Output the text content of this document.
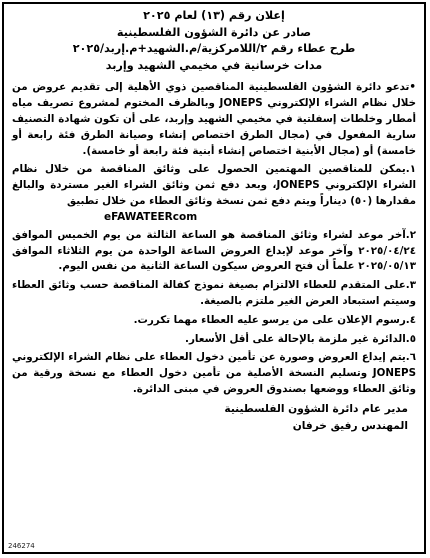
إعلان رقم (١٣) لعام ٢٠٢٥
صادر عن دائرة الشؤون الفلسطينية
طرح عطاء رقم ٢/اللامركزية/م.الشهيد+م.إربد/٢٠٢٥
مدات خرسانية في مخيمي الشهيد وإربد

•تدعو دائرة الشؤون الفلسطينية المناقصين ذوي الأهلية إلى تقديم عروض من خلال نظام الشراء الإلكتروني JONEPS وبالظرف المختوم لمشروع تصريف مياه أمطار وخلطات إسفلتية في مخيمي الشهيد وإربد، على أن تكون شهادة التصنيف سارية المفعول في (مجال الطرق اختصاص إنشاء وصيانة الطرق فئة رابعة أو خامسة) أو (مجال الأبنية اختصاص إنشاء أبنية فئة رابعة أو خامسة).

١.يمكن للمناقصين المهتمين الحصول على وثائق المناقصة من خلال نظام الشراء الإلكتروني JONEPS، وبعد دفع ثمن وثائق الشراء الغير مستردة والبالغ مقدارها (٥٠) ديناراً ويتم دفع ثمن نسخة وثائق العطاء من خلال تطبيق
eFAWATEERcom

٢.آخر موعد لشراء وثائق المناقصة هو الساعة الثالثة من يوم الخميس الموافق ٢٠٢٥/٠٤/٢٤ وآخر موعد لإيداع العروض الساعة الواحدة من يوم الثلاثاء الموافق ٢٠٢٥/٠٥/١٣ علماً أن فتح العروض سيكون الساعة الثانية من نفس اليوم.

٣.على المتقدم للعطاء الالتزام بصيغة نموذج كفالة المناقصة حسب وثائق العطاء وسيتم استبعاد العرض الغير ملتزم بالصيغة.

٤.رسوم الإعلان على من يرسو عليه العطاء مهما تكررت.

٥.الدائرة غير ملزمة بالإحالة على أقل الأسعار.

٦.يتم إيداع العروض وصورة عن تأمين دخول العطاء على نظام الشراء الإلكتروني JONEPS وتسليم النسخة الأصلية من تأمين دخول العطاء مع نسخة ورقية من وثائق العطاء ووضعها بصندوق العروض في مبنى الدائرة.

مدير عام دائرة الشؤون الفلسطينية
المهندس رفيق خرفان
246274
